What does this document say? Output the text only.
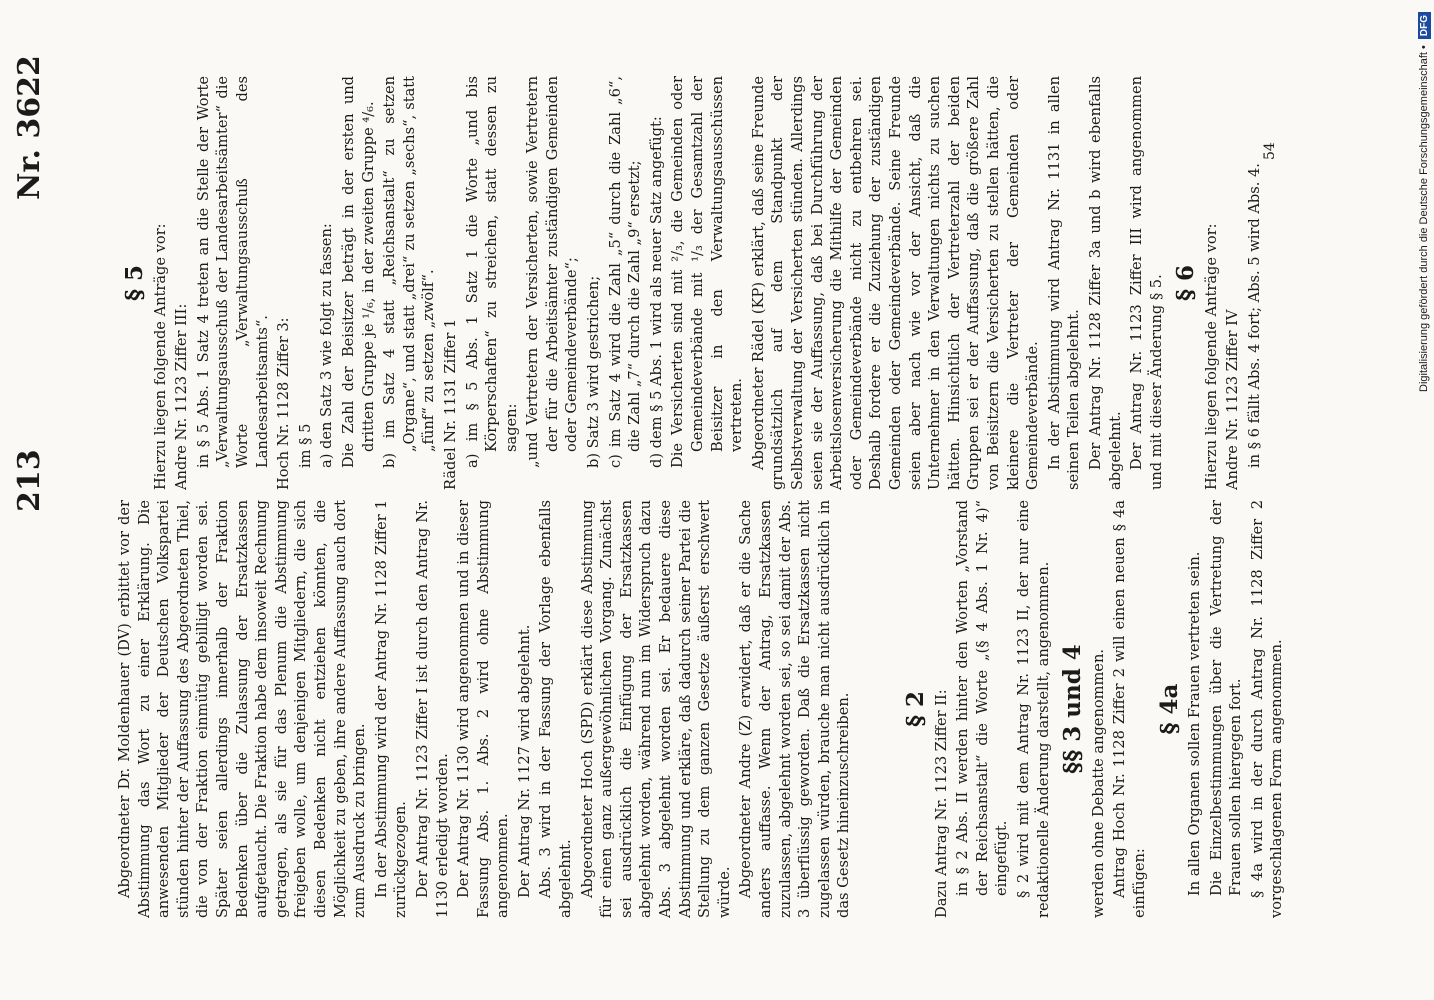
213
Nr. 3622

Abgeordneter Dr. Moldenhauer (DV) erbittet vor der Abstimmung das Wort zu einer Erklärung. Die anwesenden Mitglieder der Deutschen Volkspartei stünden hinter der Auffassung des Abgeordneten Thiel, die von der Fraktion einmütig gebilligt worden sei. Später seien allerdings innerhalb der Fraktion Bedenken über die Zulassung der Ersatzkassen aufgetaucht. Die Fraktion habe dem insoweit Rechnung getragen, als sie für das Plenum die Abstimmung freigeben wolle, um denjenigen Mitgliedern, die sich diesen Bedenken nicht entziehen könnten, die Möglichkeit zu geben, ihre andere Auffassung auch dort zum Ausdruck zu bringen. In der Abstimmung wird der Antrag Nr. 1128 Ziffer 1 zurückgezogen. Der Antrag Nr. 1123 Ziffer I ist durch den Antrag Nr. 1130 erledigt worden. Der Antrag Nr. 1130 wird angenommen und in dieser Fassung Abs. 1. Abs. 2 wird ohne Abstimmung angenommen. Der Antrag Nr. 1127 wird abgelehnt. Abs. 3 wird in der Fassung der Vorlage ebenfalls abgelehnt. Abgeordneter Hoch (SPD) erklärt diese Abstimmung für einen ganz außergewöhnlichen Vorgang. Zunächst sei ausdrücklich die Einfügung der Ersatzkassen abgelehnt worden, während nun im Widerspruch dazu Abs. 3 abgelehnt worden sei. Er bedauere diese Abstimmung und erkläre, daß dadurch seiner Partei die Stellung zu dem ganzen Gesetze äußerst erschwert würde. Abgeordneter Andre (Z) erwidert, daß er die Sache anders auffasse. Wenn der Antrag, Ersatzkassen zuzulassen, abgelehnt worden sei, so sei damit der Abs. 3 überflüssig geworden. Daß die Ersatzkassen nicht zugelassen würden, brauche man nicht ausdrücklich in das Gesetz hineinzuschreiben. § 2 Dazu Antrag Nr. 1123 Ziffer II: in § 2 Abs. II werden hinter den Worten „Vorstand der Reichsanstalt“ die Worte „(§ 4 Abs. 1 Nr. 4)“ eingefügt. § 2 wird mit dem Antrag Nr. 1123 II, der nur eine redaktionelle Änderung darstellt, angenommen. §§ 3 und 4 werden ohne Debatte angenommen. Antrag Hoch Nr. 1128 Ziffer 2 will einen neuen § 4a einfügen:

§ 4a In allen Organen sollen Frauen vertreten sein. Die Einzelbestimmungen über die Vertretung der Frauen sollen hiergegen fort. § 4a wird in der durch Antrag Nr. 1128 Ziffer 2 vorgeschlagenen Form angenommen.

§ 5 Hierzu liegen folgende Anträge vor: Andre Nr. 1123 Ziffer III: in § 5 Abs. 1 Satz 4 treten an die Stelle der Worte „Verwaltungsausschuß der Landesarbeitsämter“ die Worte „Verwaltungsausschuß des Landesarbeitsamts“. Hoch Nr. 1128 Ziffer 3: im § 5 a) den Satz 3 wie folgt zu fassen: Die Zahl der Beisitzer beträgt in der ersten und dritten Gruppe je ¹/₆, in der zweiten Gruppe ⁴/₆. b) im Satz 4 statt „Reichsanstalt“ zu setzen „Organe“, und statt „drei“ zu setzen „sechs“, statt „fünf“ zu setzen „zwölf“. Rädel Nr. 1131 Ziffer 1 a) im § 5 Abs. 1 Satz 1 die Worte „und bis Körperschaften“ zu streichen, statt dessen zu sagen: „und Vertretern der Versicherten, sowie Vertretern der für die Arbeitsämter zuständigen Gemeinden oder Gemeindeverbände“; b) Satz 3 wird gestrichen; c) im Satz 4 wird die Zahl „5“ durch die Zahl „6“, die Zahl „7“ durch die Zahl „9“ ersetzt; d) dem § 5 Abs. 1 wird als neuer Satz angefügt: Die Versicherten sind mit ²/₃, die Gemeinden oder Gemeindeverbände mit ¹/₃ der Gesamtzahl der Beisitzer in den Verwaltungsausschüssen vertreten. Abgeordneter Rädel (KP) erklärt, daß seine Freunde grundsätzlich auf dem Standpunkt der Selbstverwaltung der Versicherten stünden. Allerdings seien sie der Auffassung, daß bei Durchführung der Arbeitslosenversicherung die Mithilfe der Gemeinden oder Gemeindeverbände nicht zu entbehren sei. Deshalb fordere er die Zuziehung der zuständigen Gemeinden oder Gemeindeverbände. Seine Freunde seien aber nach wie vor der Ansicht, daß die Unternehmer in den Verwaltungen nichts zu suchen hätten. Hinsichtlich der Vertreterzahl der beiden Gruppen sei er der Auffassung, daß die größere Zahl von Beisitzern die Versicherten zu stellen hätten, die kleinere die Vertreter der Gemeinden oder Gemeindeverbände. In der Abstimmung wird Antrag Nr. 1131 in allen seinen Teilen abgelehnt. Der Antrag Nr. 1128 Ziffer 3a und b wird ebenfalls abgelehnt. Der Antrag Nr. 1123 Ziffer III wird angenommen und mit dieser Änderung § 5. § 6 Hierzu liegen folgende Anträge vor: Andre Nr. 1123 Ziffer IV in § 6 fällt Abs. 4 fort; Abs. 5 wird Abs. 4.

54	Digitalisierung gefördert durch die Deutsche Forschungsgemeinschaft •
DFG
